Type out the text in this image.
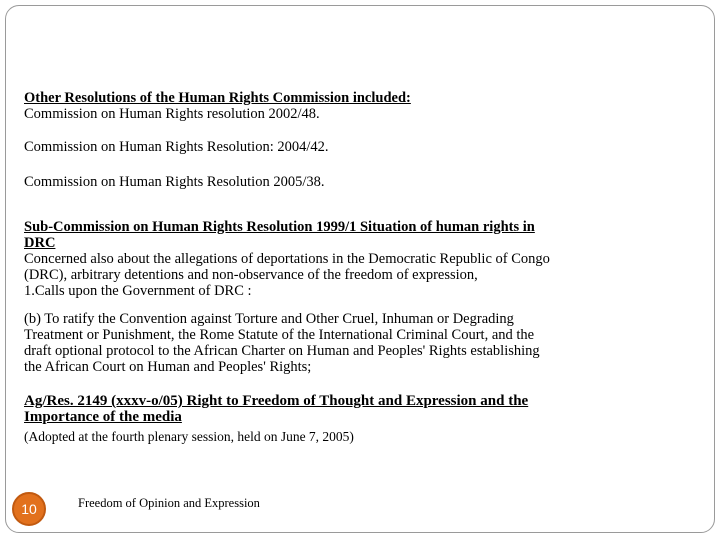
Other Resolutions of the Human Rights Commission included:

Commission on Human Rights resolution 2002/48.

Commission on Human Rights Resolution: 2004/42.

Commission on Human Rights Resolution 2005/38.

Sub-Commission on Human Rights Resolution 1999/1 Situation of human rights in

DRC

Concerned also about the allegations of deportations in the Democratic Republic of Congo

(DRC), arbitrary detentions and non-observance of the freedom of expression,

1.Calls upon the Government of DRC :

(b) To ratify the Convention against Torture and Other Cruel, Inhuman or Degrading

Treatment or Punishment, the Rome Statute of the International Criminal Court, and the

draft optional protocol to the African Charter on Human and Peoples' Rights establishing

the African Court on Human and Peoples' Rights;

Ag/Res. 2149 (xxxv-o/05) Right to Freedom of Thought and Expression and the

Importance of the media

(Adopted at the fourth plenary session, held on June 7, 2005)

10	Freedom of Opinion and Expression
